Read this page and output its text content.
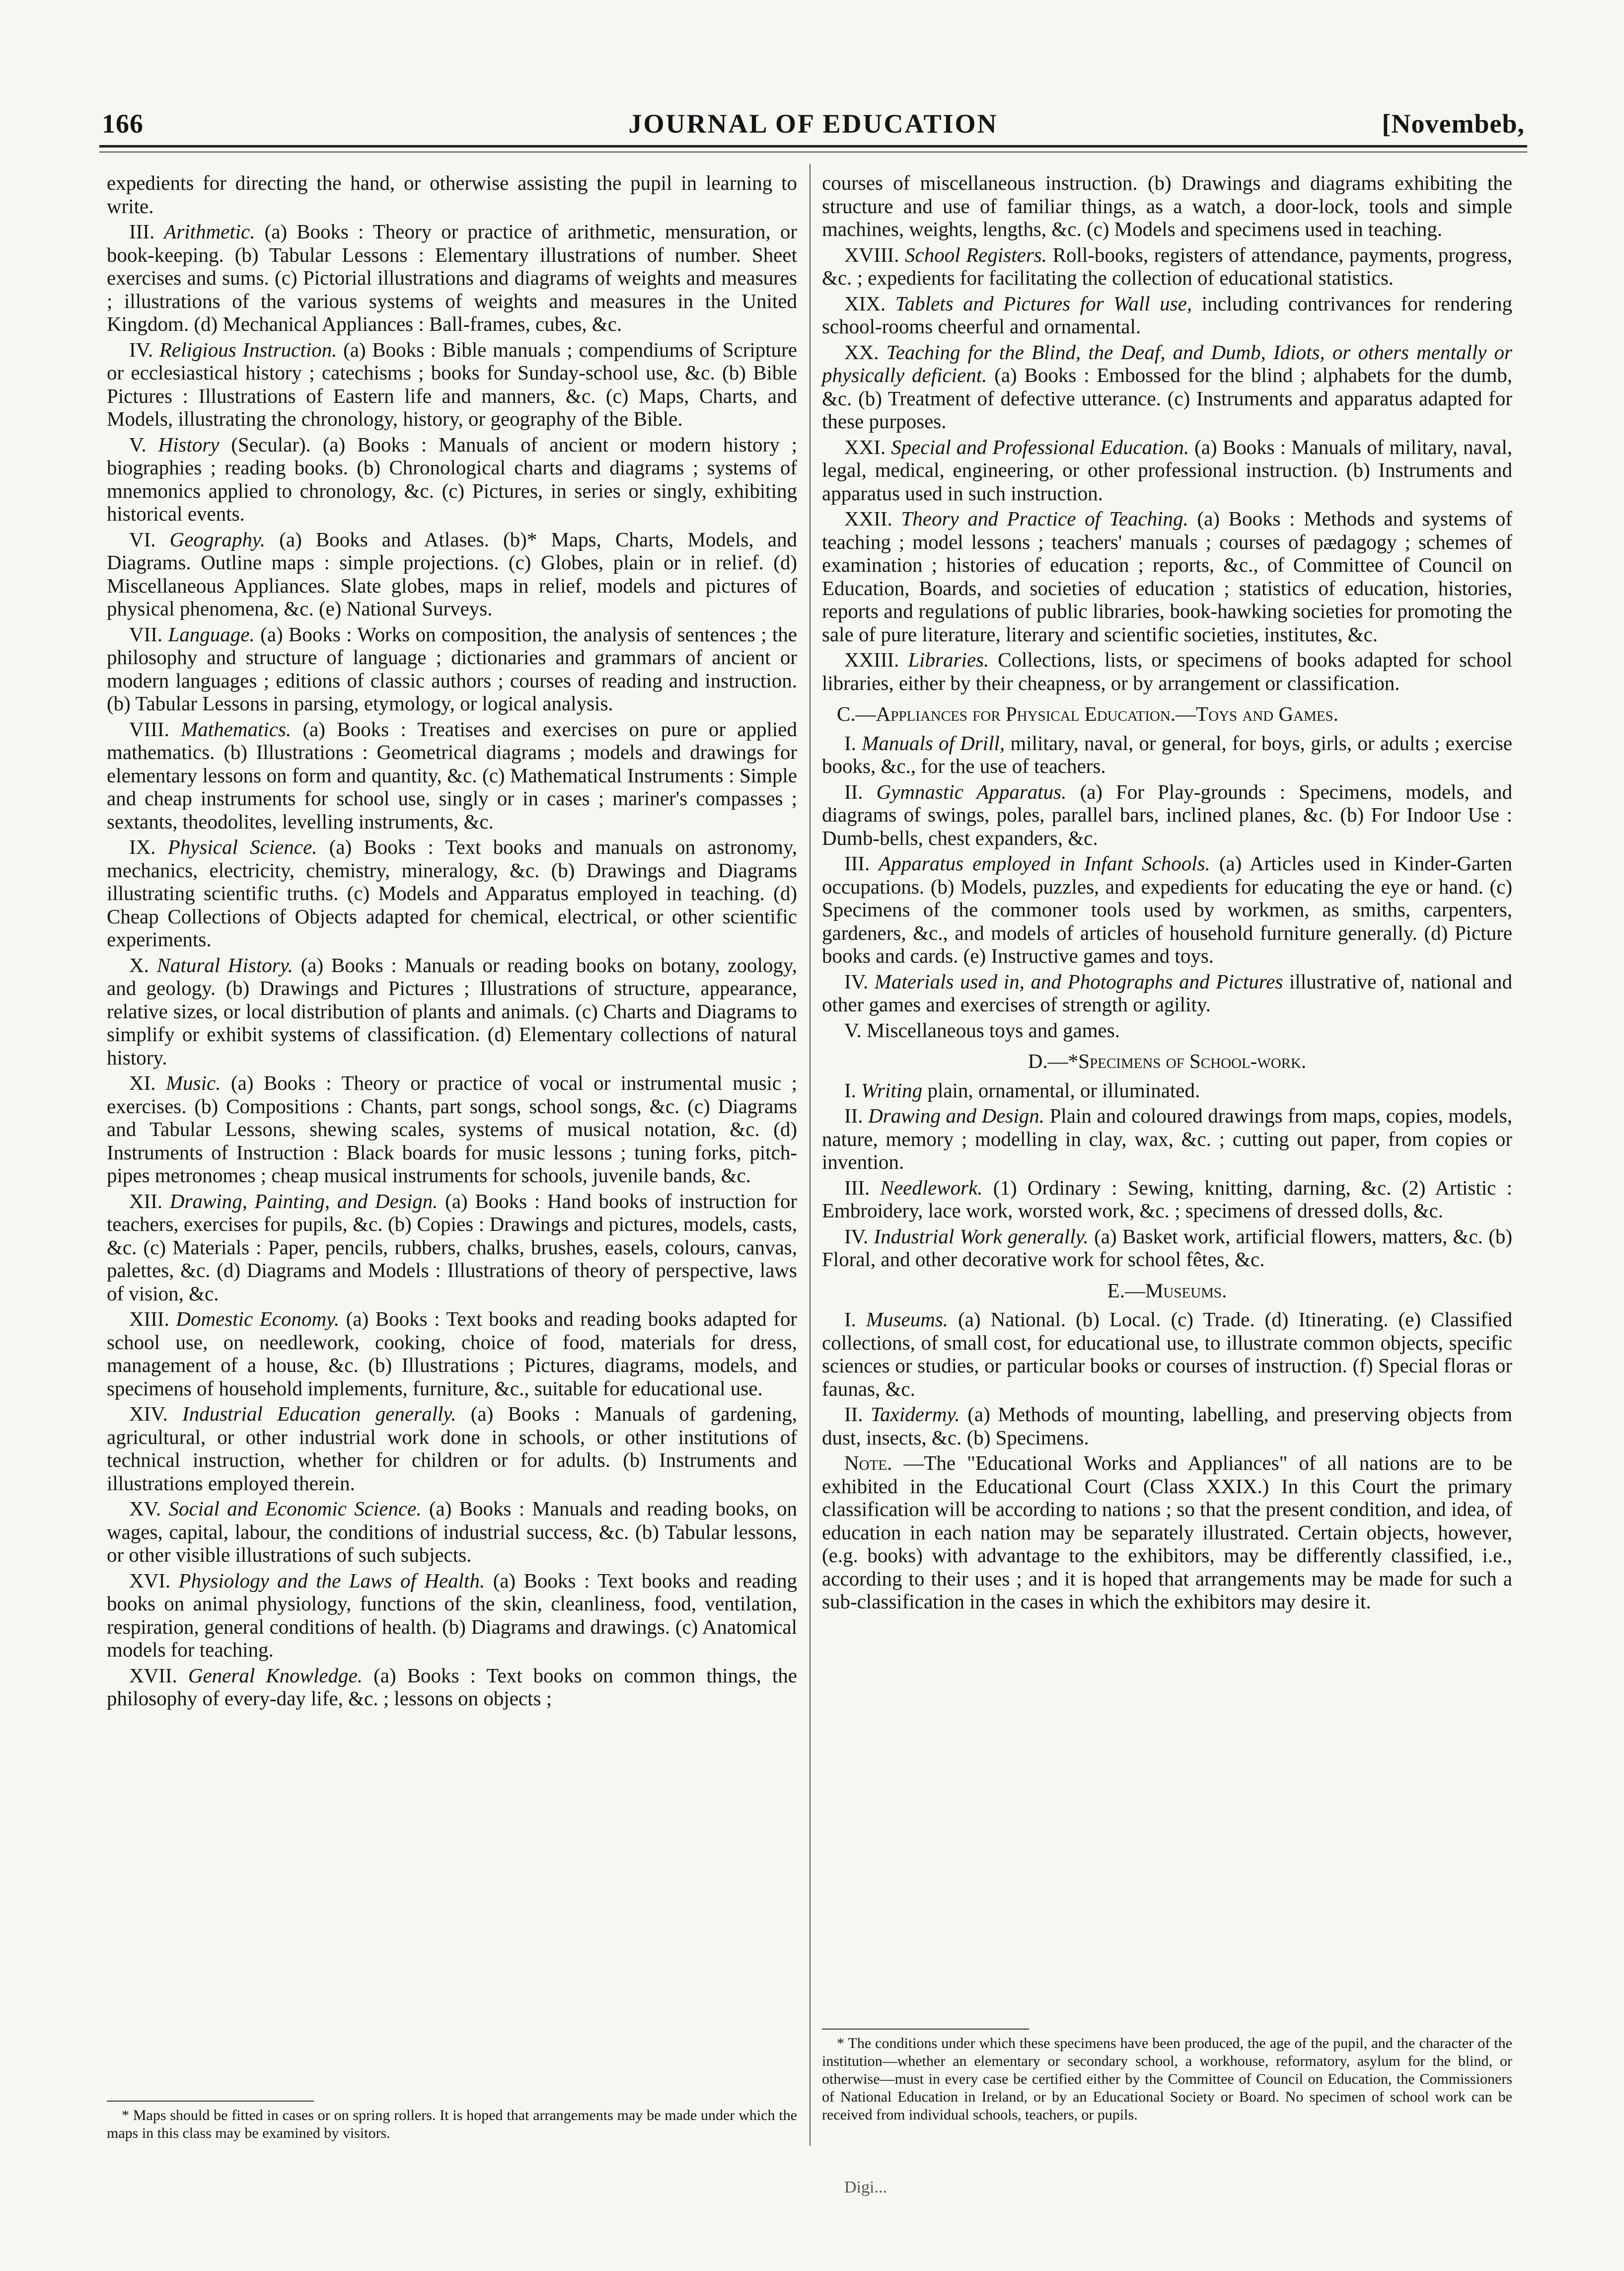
166	JOURNAL OF EDUCATION	[Novembeb,

expedients for directing the hand, or otherwise assisting the pupil in learning to write.

III. Arithmetic. (a) Books : Theory or practice of arithmetic, mensuration, or book-keeping. (b) Tabular Lessons : Elementary illustrations of number. Sheet exercises and sums. (c) Pictorial illustrations and diagrams of weights and measures ; illustrations of the various systems of weights and measures in the United Kingdom. (d) Mechanical Appliances : Ball-frames, cubes, &c.

IV. Religious Instruction. (a) Books : Bible manuals ; compendiums of Scripture or ecclesiastical history ; catechisms ; books for Sunday-school use, &c. (b) Bible Pictures : Illustrations of Eastern life and manners, &c. (c) Maps, Charts, and Models, illustrating the chronology, history, or geography of the Bible.

V. History (Secular). (a) Books : Manuals of ancient or modern history ; biographies ; reading books. (b) Chronological charts and diagrams ; systems of mnemonics applied to chronology, &c. (c) Pictures, in series or singly, exhibiting historical events.

VI. Geography. (a) Books and Atlases. (b)* Maps, Charts, Models, and Diagrams. Outline maps : simple projections. (c) Globes, plain or in relief. (d) Miscellaneous Appliances. Slate globes, maps in relief, models and pictures of physical phenomena, &c. (e) National Surveys.

VII. Language. (a) Books : Works on composition, the analysis of sentences ; the philosophy and structure of language ; dictionaries and grammars of ancient or modern languages ; editions of classic authors ; courses of reading and instruction. (b) Tabular Lessons in parsing, etymology, or logical analysis.

VIII. Mathematics. (a) Books : Treatises and exercises on pure or applied mathematics. (b) Illustrations : Geometrical diagrams ; models and drawings for elementary lessons on form and quantity, &c. (c) Mathematical Instruments : Simple and cheap instruments for school use, singly or in cases ; mariner's compasses ; sextants, theodolites, levelling instruments, &c.

IX. Physical Science. (a) Books : Text books and manuals on astronomy, mechanics, electricity, chemistry, mineralogy, &c. (b) Drawings and Diagrams illustrating scientific truths. (c) Models and Apparatus employed in teaching. (d) Cheap Collections of Objects adapted for chemical, electrical, or other scientific experiments.

X. Natural History. (a) Books : Manuals or reading books on botany, zoology, and geology. (b) Drawings and Pictures ; Illustrations of structure, appearance, relative sizes, or local distribution of plants and animals. (c) Charts and Diagrams to simplify or exhibit systems of classification. (d) Elementary collections of natural history.

XI. Music. (a) Books : Theory or practice of vocal or instrumental music ; exercises. (b) Compositions : Chants, part songs, school songs, &c. (c) Diagrams and Tabular Lessons, shewing scales, systems of musical notation, &c. (d) Instruments of Instruction : Black boards for music lessons ; tuning forks, pitch-pipes metronomes ; cheap musical instruments for schools, juvenile bands, &c.

XII. Drawing, Painting, and Design. (a) Books : Hand books of instruction for teachers, exercises for pupils, &c. (b) Copies : Drawings and pictures, models, casts, &c. (c) Materials : Paper, pencils, rubbers, chalks, brushes, easels, colours, canvas, palettes, &c. (d) Diagrams and Models : Illustrations of theory of perspective, laws of vision, &c.

XIII. Domestic Economy. (a) Books : Text books and reading books adapted for school use, on needlework, cooking, choice of food, materials for dress, management of a house, &c. (b) Illustrations ; Pictures, diagrams, models, and specimens of household implements, furniture, &c., suitable for educational use.

XIV. Industrial Education generally. (a) Books : Manuals of gardening, agricultural, or other industrial work done in schools, or other institutions of technical instruction, whether for children or for adults. (b) Instruments and illustrations employed therein.

XV. Social and Economic Science. (a) Books : Manuals and reading books, on wages, capital, labour, the conditions of industrial success, &c. (b) Tabular lessons, or other visible illustrations of such subjects.

XVI. Physiology and the Laws of Health. (a) Books : Text books and reading books on animal physiology, functions of the skin, cleanliness, food, ventilation, respiration, general conditions of health. (b) Diagrams and drawings. (c) Anatomical models for teaching.

XVII. General Knowledge. (a) Books : Text books on common things, the philosophy of every-day life, &c. ; lessons on objects ;

courses of miscellaneous instruction. (b) Drawings and diagrams exhibiting the structure and use of familiar things, as a watch, a door-lock, tools and simple machines, weights, lengths, &c. (c) Models and specimens used in teaching.

XVIII. School Registers. Roll-books, registers of attendance, payments, progress, &c. ; expedients for facilitating the collection of educational statistics.

XIX. Tablets and Pictures for Wall use, including contrivances for rendering school-rooms cheerful and ornamental.

XX. Teaching for the Blind, the Deaf, and Dumb, Idiots, or others mentally or physically deficient. (a) Books : Embossed for the blind ; alphabets for the dumb, &c. (b) Treatment of defective utterance. (c) Instruments and apparatus adapted for these purposes.

XXI. Special and Professional Education. (a) Books : Manuals of military, naval, legal, medical, engineering, or other professional instruction. (b) Instruments and apparatus used in such instruction.

XXII. Theory and Practice of Teaching. (a) Books : Methods and systems of teaching ; model lessons ; teachers' manuals ; courses of pædagogy ; schemes of examination ; histories of education ; reports, &c., of Committee of Council on Education, Boards, and societies of education ; statistics of education, histories, reports and regulations of public libraries, book-hawking societies for promoting the sale of pure literature, literary and scientific societies, institutes, &c.

XXIII. Libraries. Collections, lists, or specimens of books adapted for school libraries, either by their cheapness, or by arrangement or classification.

C.—Appliances for Physical Education.—Toys and Games.

I. Manuals of Drill, military, naval, or general, for boys, girls, or adults ; exercise books, &c., for the use of teachers.

II. Gymnastic Apparatus. (a) For Play-grounds : Specimens, models, and diagrams of swings, poles, parallel bars, inclined planes, &c. (b) For Indoor Use : Dumb-bells, chest expanders, &c.

III. Apparatus employed in Infant Schools. (a) Articles used in Kinder-Garten occupations. (b) Models, puzzles, and expedients for educating the eye or hand. (c) Specimens of the commoner tools used by workmen, as smiths, carpenters, gardeners, &c., and models of articles of household furniture generally. (d) Picture books and cards. (e) Instructive games and toys.

IV. Materials used in, and Photographs and Pictures illustrative of, national and other games and exercises of strength or agility.

V. Miscellaneous toys and games.

D.—*Specimens of School-work.

I. Writing plain, ornamental, or illuminated.

II. Drawing and Design. Plain and coloured drawings from maps, copies, models, nature, memory ; modelling in clay, wax, &c. ; cutting out paper, from copies or invention.

III. Needlework. (1) Ordinary : Sewing, knitting, darning, &c. (2) Artistic : Embroidery, lace work, worsted work, &c. ; specimens of dressed dolls, &c.

IV. Industrial Work generally. (a) Basket work, artificial flowers, matters, &c. (b) Floral, and other decorative work for school fêtes, &c.

E.—Museums.

I. Museums. (a) National. (b) Local. (c) Trade. (d) Itinerating. (e) Classified collections, of small cost, for educational use, to illustrate common objects, specific sciences or studies, or particular books or courses of instruction. (f) Special floras or faunas, &c.

II. Taxidermy. (a) Methods of mounting, labelling, and preserving objects from dust, insects, &c. (b) Specimens.

Note. —The "Educational Works and Appliances" of all nations are to be exhibited in the Educational Court (Class XXIX.) In this Court the primary classification will be according to nations ; so that the present condition, and idea, of education in each nation may be separately illustrated. Certain objects, however, (e.g. books) with advantage to the exhibitors, may be differently classified, i.e., according to their uses ; and it is hoped that arrangements may be made for such a sub-classification in the cases in which the exhibitors may desire it.

* Maps should be fitted in cases or on spring rollers. It is hoped that arrangements may be made under which the maps in this class may be examined by visitors.
* The conditions under which these specimens have been produced, the age of the pupil, and the character of the institution—whether an elementary or secondary school, a workhouse, reformatory, asylum for the blind, or otherwise—must in every case be certified either by the Committee of Council on Education, the Commissioners of National Education in Ireland, or by an Educational Society or Board. No specimen of school work can be received from individual schools, teachers, or pupils.
Digi...
